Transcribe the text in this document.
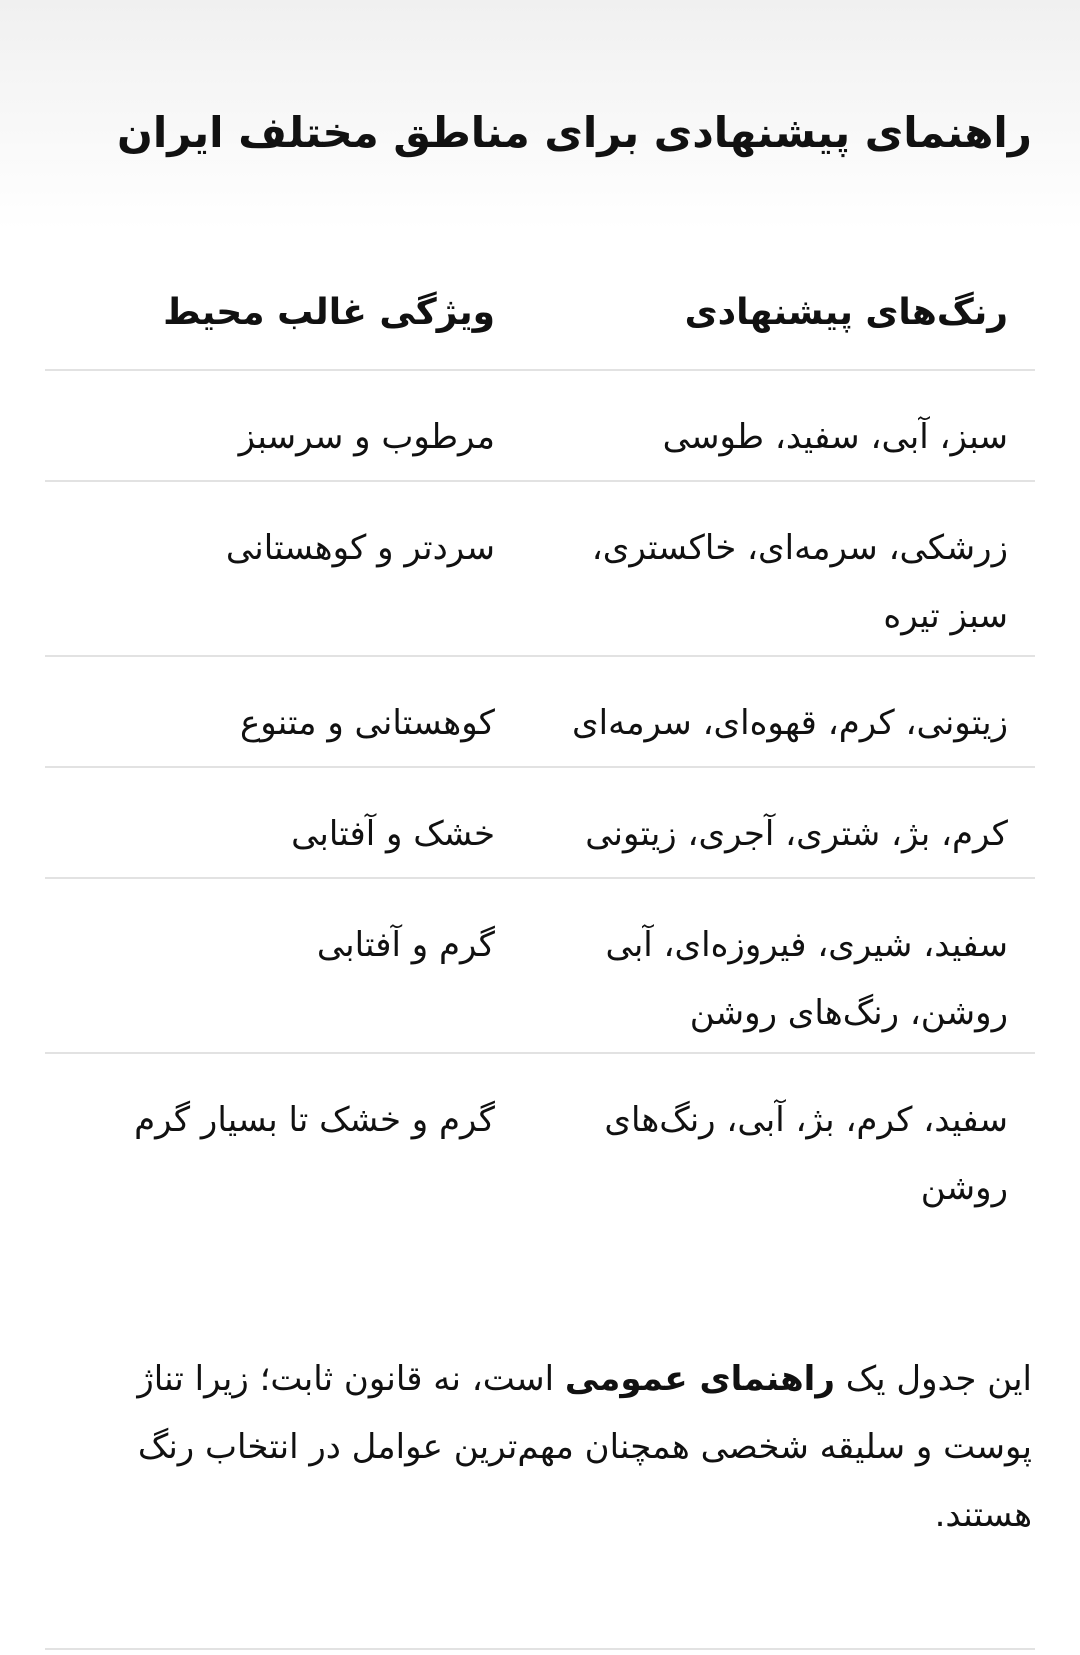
راهنمای پیشنهادی برای مناطق مختلف ایران
رنگ‌های پیشنهادی
ویژگی غالب محیط
سبز، آبی، سفید، طوسی
مرطوب و سرسبز
زرشکی، سرمه‌ای، خاکستری، سبز تیره
سردتر و کوهستانی
زیتونی، کرم، قهوه‌ای، سرمه‌ای
کوهستانی و متنوع
کرم، بژ، شتری، آجری، زیتونی
خشک و آفتابی
سفید، شیری، فیروزه‌ای، آبی روشن، رنگ‌های روشن
گرم و آفتابی
سفید، کرم، بژ، آبی، رنگ‌های روشن
گرم و خشک تا بسیار گرم

این جدول یک راهنمای عمومی است، نه قانون ثابت؛ زیرا تناژ پوست و سلیقه شخصی همچنان مهم‌ترین عوامل در انتخاب رنگ هستند.
